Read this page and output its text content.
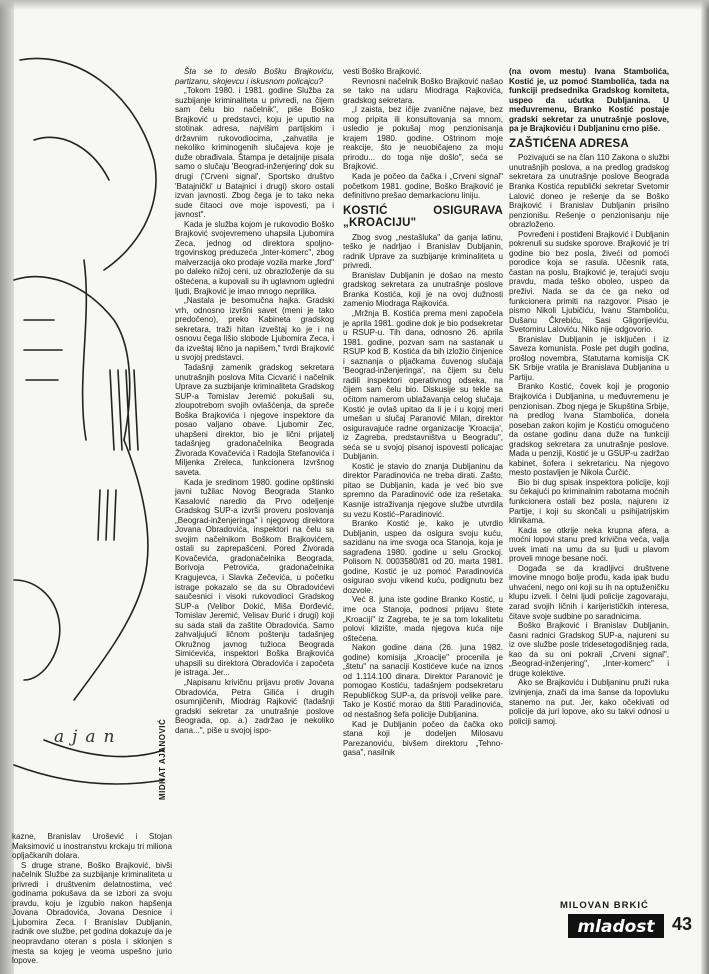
ajan	MIDHAT AJANOVIĆ

kazne, Branislav Urošević i Stojan Maksimović u inostranstvu krckaju tri miliona opljačkanih dolara.

S druge strane, Boško Brajković, bivši načelnik Službe za suzbijanje kriminaliteta u privredi i društvenim delatnostima, već godinama pokušava da se izbori za svoju pravdu, koju je izgubio nakon hapšenja Jovana Obradovića, Jovana Desnice i Ljubomira Zeca. I Branislav Dubljanin, radnik ove službe, pet godina dokazuje da je neopravdano oteran s posla i sklonjen s mesta sa kojeg je veoma uspešno jurio lopove.

Šta se to desilo Bošku Brajkoviću, partizanu, skojevcu i iskusnom policajcu?

„Tokom 1980. i 1981. godine Služba za suzbijanje kriminaliteta u privredi, na čijem sam čelu bio načelnik", piše Boško Brajković u predstavci, koju je uputio na stotinak adresa, najvišim partijskim i državnim rukovodiocima, „zahvatila je nekoliko kriminogenih slučajeva koje je duže obrađivala. Štampa je detaljnije pisala samo o slučaju 'Beograd-inženjering' dok su drugi ('Crveni signal', Sportsko društvo 'Batajnički' u Batajnici i drugi) skoro ostali izvan javnosti. Zbog čega je to tako neka sude čitaoci ove moje ispovesti, pa i javnost".

Kada je služba kojom je rukovodio Boško Brajković svojevremeno uhapsila Ljubomira Zeca, jednog od direktora spoljno-trgovinskog preduzeća „Inter-komerc", zbog malverzacija oko prodaje vozila marke „ford" po daleko nižoj ceni, uz obrazloženje da su oštećena, a kupovali su ih uglavnom ugledni ljudi, Brajković je imao mnogo neprilika.

„Nastala je besomučna hajka. Gradski vrh, odnosno izvršni savet (meni je tako predočeno), preko Kabineta gradskog sekretara, traži hitan izveštaj ko je i na osnovu čega lišio slobode Ljubomira Zeca, i da izveštaj lično ja napišem," tvrdi Brajković u svojoj predstavci.

Tadašnji zamenik gradskog sekretara unutrašnjih poslova Mita Cicvarić i načelnik Uprave za suzbijanje kriminaliteta Gradskog SUP-a Tomislav Jeremić pokušali su, zloupotrebom svojih ovlašćenja, da spreče Boška Brajkovića i njegove inspektore da posao valjano obave. Ljubomir Zec, uhapšeni direktor, bio je lični prijatelj tadašnjeg gradonačelnika Beograda Živorada Kovačevića i Radojla Stefanovića i Miljenka Zreleca, funkcionera Izvršnog saveta.

Kada je sredinom 1980. godine opštinski javni tužilac Novog Beograda Stanko Kasalović naredio da Prvo odeljenje Gradskog SUP-a izvrši proveru poslovanja „Beograd-inženjeringa" i njegovog direktora Jovana Obradovića, inspektori na čelu sa svojim načelnikom Boškom Brajkovićem, ostali su zaprepašćeni. Pored Živorada Kovačevića, gradonačelnika Beograda, Borivoja Petrovića, gradonačelnika Kragujevca, i Slavka Zečevića, u početku istrage pokazalo se da su Obradovićevi saučesnici i visoki rukovodioci Gradskog SUP-a (Velibor Dokić, Miša Đorđević, Tomislav Jeremić, Velisav Đurić i drugi) koji su sada stali da zaštite Obradovića. Samo zahvaljujući ličnom poštenju tadašnjeg Okružnog javnog tužioca Beograda Simićevića, inspektori Boška Brajkovića uhapsili su direktora Obradovića i započeta je istraga. Jer...

„Napisanu krivičnu prijavu protiv Jovana Obradovića, Petra Gilića i drugih osumnjičenih, Miodrag Rajković (tadašnji gradski sekretar za unutrašnje poslove Beograda, op. a.) zadržao je nekoliko dana...", piše u svojoj ispo-

vesti Boško Brajković.

Revnosni načelnik Boško Brajković našao se tako na udaru Miodraga Rajkovića, gradskog sekretara.

„I zaista, bez ičije zvanične najave, bez mog pripita ili konsultovanja sa mnom, usledio je pokušaj mog penzionisanja krajem 1980. godine. Oštrinom moje reakcije, što je neuobičajeno za moju prirodu... do toga nije došlo", seća se Brajković.

Kada je počeo da čačka i „Crveni signal" početkom 1981. godine, Boško Brajković je definitivno prešao demarkacionu liniju.

KOSTIĆ OSIGURAVA „KROACIJU"

Zbog svog „nestašluka" da ganja latinu, teško je nadrljao i Branislav Dubljanin, radnik Uprave za suzbijanje kriminaliteta u privredi.

Branislav Dubljanin je došao na mesto gradskog sekretara za unutrašnje poslove Branka Kostića, koji je na ovoj dužnosti zamenio Miodraga Rajkovića.

„Mržnja B. Kostića prema meni započela je aprila 1981. godine dok je bio podsekretar u RSUP-u. Tih dana, odnosno 26. aprila 1981. godine, pozvan sam na sastanak u RSUP kod B. Kostića da bih izložio činjenice i saznanja o pljačkama čuvenog slučaja 'Beograd-inženjeringa', na čijem su čelu radili inspektori operativnog odseka, na čijem sam čelu bio. Diskusije su tekle sa očitom namerom ublažavanja celog slučaja. Kostić je ovlaš upitao da li je i u kojoj meri umešan u slučaj Paranović Milan, direktor osiguravajuće radne organizacije 'Kroacija', iz Zagreba, predstavništva u Beogradu", seća se u svojoj pisanoj ispovesti policajac Dubljanin.

Kostić je stavio do znanja Dubljaninu da direktor Paradinovića ne treba dirati. Zašto, pitao se Dubljanin, kada je već bio sve spremno da Paradinović ode iza rešetaka. Kasnije istraživanja njegove službe utvrdila su vezu Kostić–Paradinović.

Branko Kostić je, kako je utvrdio Dubljanin, uspeo da osigura svoju kuću, sazidanu na ime svoga oca Stanoja, koja je sagrađena 1980. godine u selu Grockoj. Polisom N. 0003580/81 od 20. marta 1981. godine, Kostić je uz pomoć Paradinovića osigurao svoju vikend kuću, podignutu bez dozvole.

Već 8. juna iste godine Branko Kostić, u ime oca Stanoja, podnosi prijavu štete „Kroaciji" iz Zagreba, te je sa tom lokalitetu polovi klizište, mada njegova kuća nije oštećena.

Nakon godine dana (26. juna 1982. godine) komisija „Kroacije" procenila je „štetu" na sanaciji Kostićeve kuće na iznos od 1.114.100 dinara. Direktor Paranović je pomogao Kostiću, tadašnjem podsekretaru Republičkog SUP-a, da prisvoji velike pare. Tako je Kostić morao da štiti Paradinovića, od nestašnog šefa policije Dubljanina.

Kad je Dubljanin počeo da čačka oko stana koji je dodeljen Milosavu Parezanoviću, bivšem direktoru „Tehno-gasa", nasilnik

(na ovom mestu) Ivana Stambolića, Kostić je, uz pomoć Stambolića, tada na funkciji predsednika Gradskog komiteta, uspeo da ućutka Dubljanina. U međuvremenu, Branko Kostić postaje gradski sekretar za unutrašnje poslove, pa je Brajkoviću i Dubljaninu crno piše.

ZAŠTIĆENA ADRESA

Pozivajući se na član 110 Zakona o službi unutrašnjih poslova, a na predlog gradskog sekretara za unutrašnje poslove Beograda Branka Kostića republički sekretar Svetomir Lalović doneo je rešenje da se Boško Brajković i Branislav Dubljanin prisilno penzionišu. Rešenje o penzionisanju nije obrazloženo.

Povređeni i postiđeni Brajković i Dubljanin pokrenuli su sudske sporove. Brajković je tri godine bio bez posla, živeći od pomoći porodice koja se rasula. Učesnik rata, častan na poslu, Brajković je, terajući svoju pravdu, mada teško oboleo, uspeo da preživi. Nada se da će ga neko od funkcionera primiti na razgovor. Pisao je pismo Nikoli Ljubičiću, Ivanu Stamboliću, Dušanu Čkrebiću, Sasi Gligorijeviću, Svetomiru Laloviću. Niko nije odgovorio.

Branislav Dubljanin je isključen i iz Saveza komunista. Posle pet dugih godina, prošlog novembra, Statutarna komisija CK SK Srbije vratila je Branislava Dubljanina u Partiju.

Branko Kostić, čovek koji je progonio Brajkovića i Dubljanina, u međuvremenu je penzionisan. Zbog njega je Skupština Srbije, na predlog Ivana Stambolića, donela poseban zakon kojim je Kostiću omogućeno da ostane godinu dana duže na funkciji gradskog sekretara za unutrašnje poslove. Mada u penziji, Kostić je u GSUP-u zadržao kabinet, šofera i sekretaricu. Na njegovo mesto postavljen je Nikola Čurčić.

Bio bi dug spisak inspektora policije, koji su čekajući po kriminalnim rabotama moćnih funkcionera ostali bez posla, najurenı iz Partije, i koji su skončali u psihijatrijskim klinikama.

Kada se otkrije neka krupna afera, a moćni lopovi stanu pred krivična veća, valja uvek imati na umu da su ljudi u plavom proveli mnoge besane noći.

Događa se da kradljivci društvene imovine mnogo bolje prođu, kada ipak budu uhvaćeni, nego oni koji su ih na optuženičku klupu izveli. I čelni ljudi policije zagovaraju, zarad svojih ličnih i karijerističkih interesa, čitave svoje sudbine po saradnicima.

Boško Brajković i Branislav Dubljanin, časni radnici Gradskog SUP-a, najureni su iz ove službe posle tridesetogodišnjeg rada, kao da su oni pokrali „Crveni signal", „Beograd-inženjering", „Inter-komerc" i druge kolektive.

Ako se Brajkoviću i Dubljaninu pruži ruka izvinjenja, znači da ima šanse da lopovluku stanemo na put. Jer, kako očekivati od policije da juri lopove, ako su takvi odnosi u policiji samoj.

MILOVAN BRKIĆ
mladost 43
